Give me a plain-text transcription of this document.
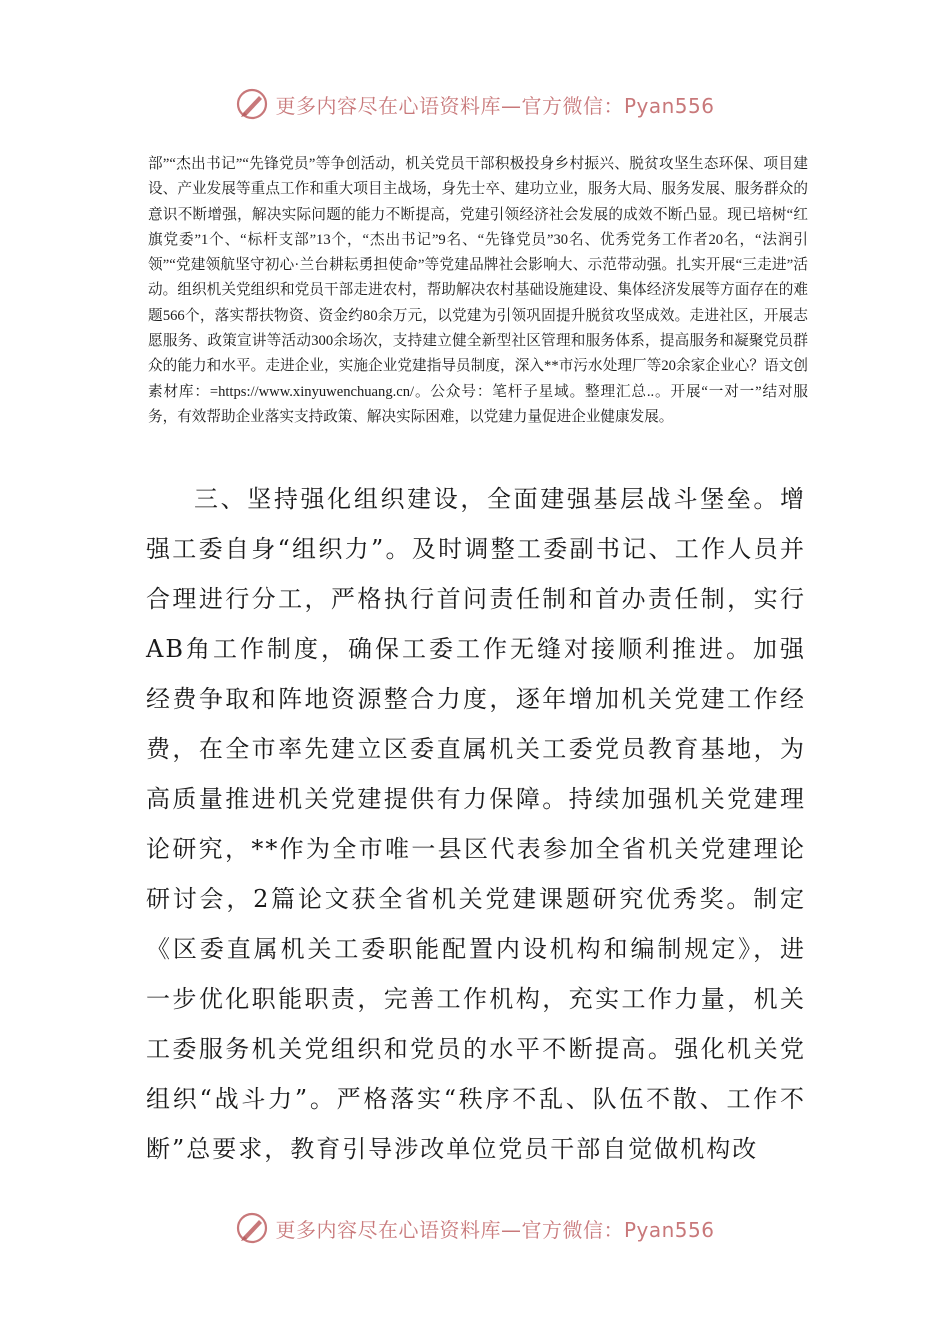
更多内容尽在心语资料库—官方微信：Pyan556

部”“杰出书记”“先锋党员”等争创活动，机关党员干部积极投身乡村振兴、脱贫攻坚生态环保、项目建设、产业发展等重点工作和重大项目主战场，身先士卒、建功立业，服务大局、服务发展、服务群众的意识不断增强，解决实际问题的能力不断提高，党建引领经济社会发展的成效不断凸显。现已培树“红旗党委”1个、“标杆支部”13个，“杰出书记”9名、“先锋党员”30名、优秀党务工作者20名，“法润引领”“党建领航坚守初心·兰台耕耘勇担使命”等党建品牌社会影响大、示范带动强。扎实开展“三走进”活动。组织机关党组织和党员干部走进农村，帮助解决农村基础设施建设、集体经济发展等方面存在的难题566个，落实帮扶物资、资金约80余万元，以党建为引领巩固提升脱贫攻坚成效。走进社区，开展志愿服务、政策宣讲等活动300余场次，支持建立健全新型社区管理和服务体系，提高服务和凝聚党员群众的能力和水平。走进企业，实施企业党建指导员制度，深入**市污水处理厂等20余家企业心？语文创素材库：=https://www.xinyuwenchuang.cn/。公众号：笔杆子星域。整理汇总..。开展“一对一”结对服务，有效帮助企业落实支持政策、解决实际困难，以党建力量促进企业健康发展。

三、坚持强化组织建设，全面建强基层战斗堡垒。增强工委自身“组织力”。及时调整工委副书记、工作人员并合理进行分工，严格执行首问责任制和首办责任制，实行AB角工作制度，确保工委工作无缝对接顺利推进。加强经费争取和阵地资源整合力度，逐年增加机关党建工作经费，在全市率先建立区委直属机关工委党员教育基地，为高质量推进机关党建提供有力保障。持续加强机关党建理论研究，**作为全市唯一县区代表参加全省机关党建理论研讨会，2篇论文获全省机关党建课题研究优秀奖。制定《区委直属机关工委职能配置内设机构和编制规定》，进一步优化职能职责，完善工作机构，充实工作力量，机关工委服务机关党组织和党员的水平不断提高。强化机关党组织“战斗力”。严格落实“秩序不乱、队伍不散、工作不断”总要求，教育引导涉改单位党员干部自觉做机构改

更多内容尽在心语资料库—官方微信：Pyan556
